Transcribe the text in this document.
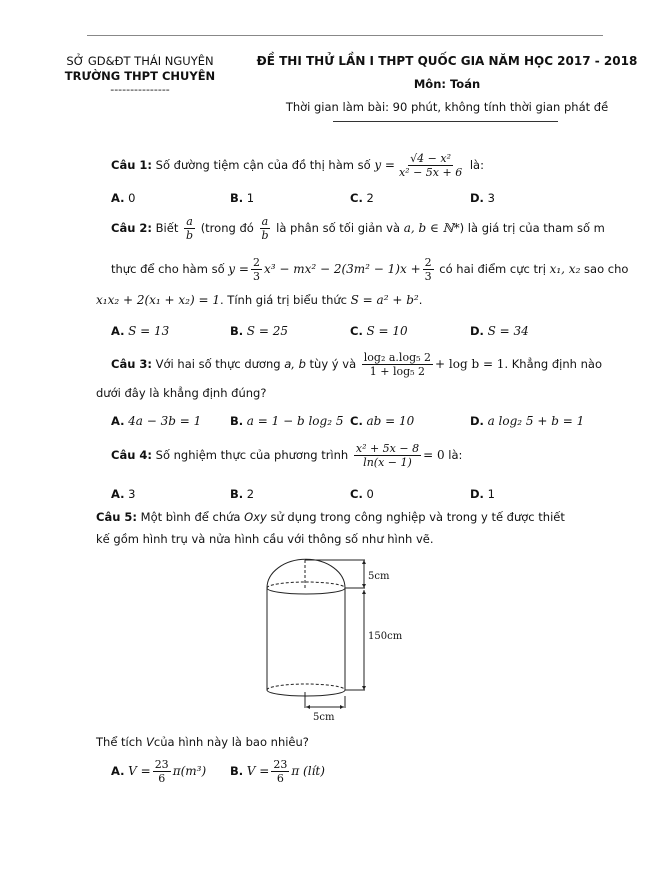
SỞ GD&ĐT THÁI NGUYÊN
TRƯỜNG THPT CHUYÊN
---------------
ĐỀ THI THỬ LẦN I THPT QUỐC GIA NĂM HỌC 2017 - 2018
Môn: Toán
Thời gian làm bài: 90 phút, không tính thời gian phát đề
Câu 1: Số đường tiệm cận của đồ thị hàm số $y = \frac{\text{√4 − x²}}{\text{x² − 5x + 6}}$ là:
A. 0	B. 1	C. 2	D. 3
Câu 2: Biết $\frac{a}{b}$ (trong đó $\frac{a}{b}$ là phân số tối giản và a, b ∈ ℕ*) là giá trị của tham số m
thực để cho hàm số $y = \frac{2}{3} x^3 - mx^2 - 2(3m^2 - 1)x + \frac{2}{3}$ có hai điểm cực trị x₁, x₂ sao cho
x₁x₂ + 2(x₁ + x₂) = 1. Tính giá trị biểu thức S = a² + b².
A. S = 13	B. S = 25	C. S = 10	D. S = 34
Câu 3: Với hai số thực dương a, b tùy ý và $\frac{\text{log₂ a.log₅ 2}}{\text{1 + log₅ 2}} + \log b = 1$. Khẳng định nào
dưới đây là khẳng định đúng?
A. 4a − 3b = 1	B. a = 1 − b log₂ 5 C. ab = 10	D. a log₂ 5 + b = 1
Câu 4: Số nghiệm thực của phương trình $\frac{\text{x² + 5x − 8}}{\ln(x - 1)} = 0$ là:
A. 3	B. 2	C. 0	D. 1
Câu 5: Một bình để chứa Oxy sử dụng trong công nghiệp và trong y tế được thiết
kế gồm hình trụ và nửa hình cầu với thông số như hình vẽ.
5cm
150cm
5cm
Thể tích Vcủa hình này là bao nhiêu?
A. $V = \frac{23}{6} \pi(m^3)$ B. $V = \frac{23}{6}$ π (lít)
